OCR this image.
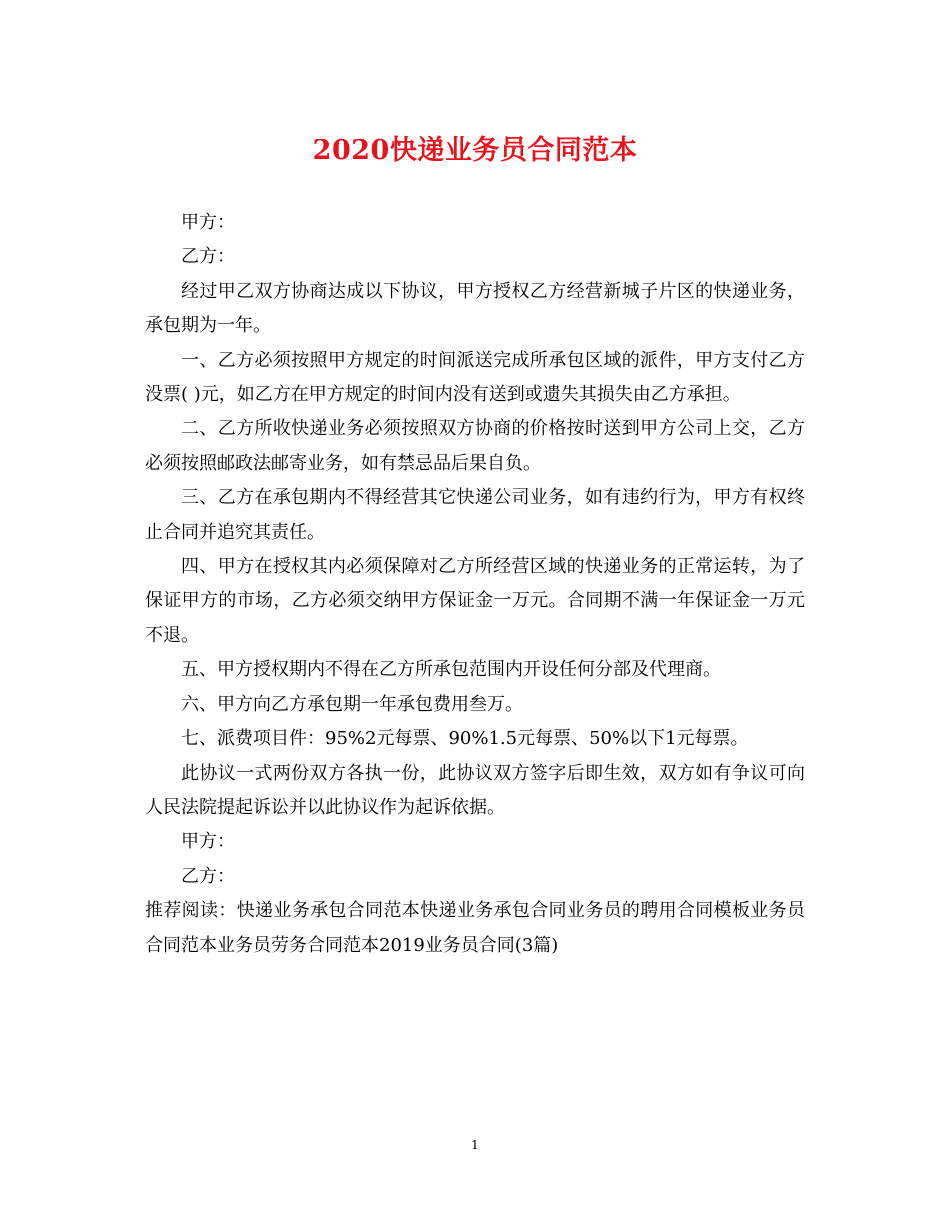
2020快递业务员合同范本

甲方：

乙方：

经过甲乙双方协商达成以下协议，甲方授权乙方经营新城子片区的快递业务，承包期为一年。

一、乙方必须按照甲方规定的时间派送完成所承包区域的派件，甲方支付乙方没票( )元，如乙方在甲方规定的时间内没有送到或遗失其损失由乙方承担。

二、乙方所收快递业务必须按照双方协商的价格按时送到甲方公司上交，乙方必须按照邮政法邮寄业务，如有禁忌品后果自负。

三、乙方在承包期内不得经营其它快递公司业务，如有违约行为，甲方有权终止合同并追究其责任。

四、甲方在授权其内必须保障对乙方所经营区域的快递业务的正常运转，为了保证甲方的市场，乙方必须交纳甲方保证金一万元。合同期不满一年保证金一万元不退。

五、甲方授权期内不得在乙方所承包范围内开设任何分部及代理商。

六、甲方向乙方承包期一年承包费用叁万。

七、派费项目件：95%2元每票、90%1.5元每票、50%以下1元每票。

此协议一式两份双方各执一份，此协议双方签字后即生效，双方如有争议可向人民法院提起诉讼并以此协议作为起诉依据。

甲方：

乙方：

推荐阅读：快递业务承包合同范本快递业务承包合同业务员的聘用合同模板业务员合同范本业务员劳务合同范本2019业务员合同(3篇)

1
